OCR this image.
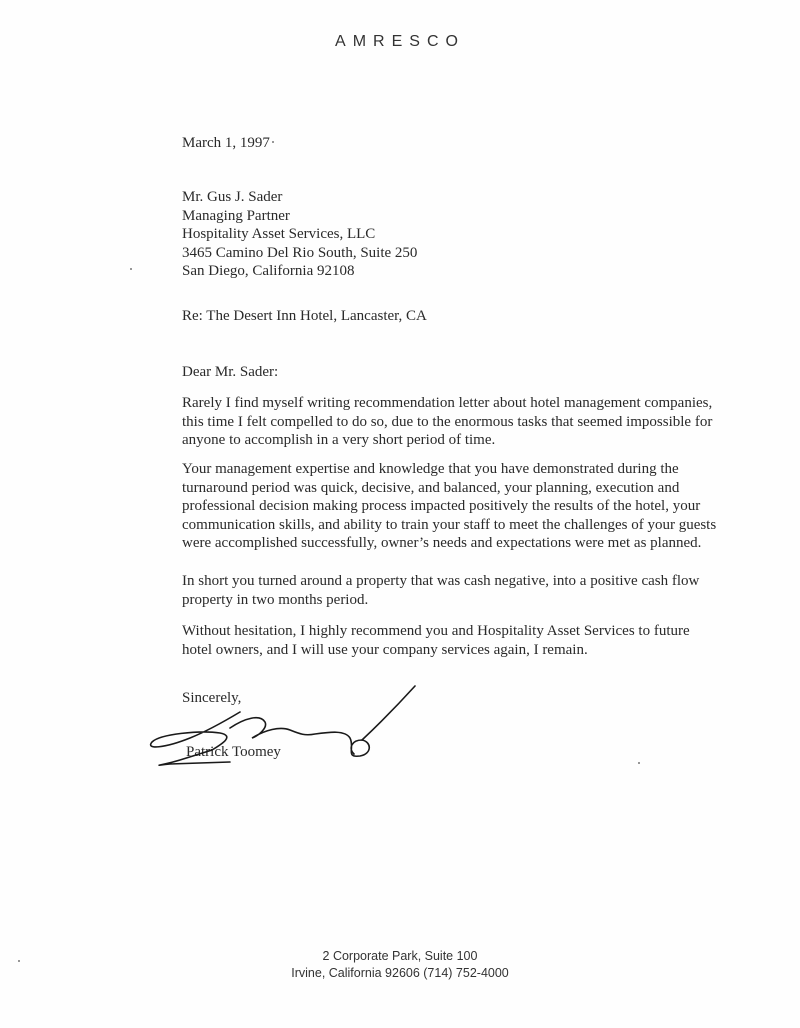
AMRESCO
March 1, 1997
Mr. Gus J. Sader
Managing Partner
Hospitality Asset Services, LLC
3465 Camino Del Rio South, Suite 250
San Diego, California 92108
Re: The Desert Inn Hotel, Lancaster, CA
Dear Mr. Sader:

Rarely I find myself writing recommendation letter about hotel management companies,
this time I felt compelled to do so, due to the enormous tasks that seemed impossible for
anyone to accomplish in a very short period of time.

Your management expertise and knowledge that you have demonstrated during the
turnaround period was quick, decisive, and balanced, your planning, execution and
professional decision making process impacted positively the results of the hotel, your
communication skills, and ability to train your staff to meet the challenges of your guests
were accomplished successfully, owner’s needs and expectations were met as planned.

In short you turned around a property that was cash negative, into a positive cash flow
property in two months period.

Without hesitation, I highly recommend you and Hospitality Asset Services to future
hotel owners, and I will use your company services again, I remain.

Sincerely,
Patrick Toomey
2 Corporate Park, Suite 100
Irvine, California 92606 (714) 752-4000
